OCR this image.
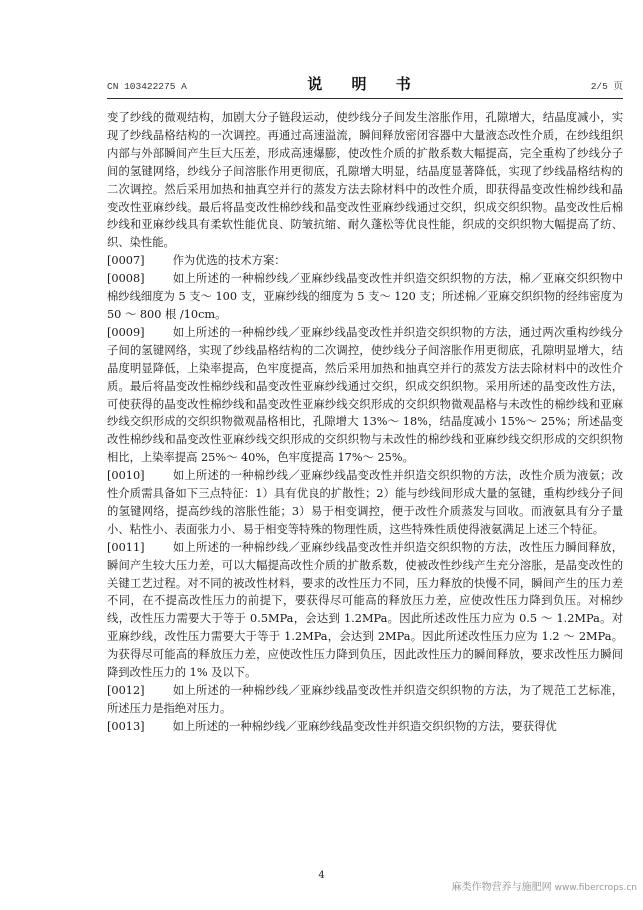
CN 103422275 A	说 明 书	2/5 页

变了纱线的微观结构，加剧大分子链段运动，使纱线分子间发生溶胀作用，孔隙增大，结晶度减小，实现了纱线晶格结构的一次调控。再通过高速溢流，瞬间释放密闭容器中大量液态改性介质，在纱线组织内部与外部瞬间产生巨大压差，形成高速爆膨，使改性介质的扩散系数大幅提高，完全重构了纱线分子间的氢键网络，纱线分子间溶胀作用更彻底，孔隙增大明显，结晶度显著降低，实现了纱线晶格结构的二次调控。然后采用加热和抽真空并行的蒸发方法去除材料中的改性介质，即获得晶变改性棉纱线和晶变改性亚麻纱线。最后将晶变改性棉纱线和晶变改性亚麻纱线通过交织，织成交织织物。晶变改性后棉纱线和亚麻纱线具有柔软性能优良、防皱抗缩、耐久蓬松等优良性能，织成的交织织物大幅提高了纺、织、染性能。

[0007] 作为优选的技术方案：

[0008] 如上所述的一种棉纱线／亚麻纱线晶变改性并织造交织织物的方法，棉／亚麻交织织物中棉纱线细度为 5 支～ 100 支，亚麻纱线的细度为 5 支～ 120 支；所述棉／亚麻交织织物的经纬密度为 50 ～ 800 根 /10cm。

[0009] 如上所述的一种棉纱线／亚麻纱线晶变改性并织造交织织物的方法，通过两次重构纱线分子间的氢键网络，实现了纱线晶格结构的二次调控，使纱线分子间溶胀作用更彻底，孔隙明显增大，结晶度明显降低，上染率提高，色牢度提高，然后采用加热和抽真空并行的蒸发方法去除材料中的改性介质。最后将晶变改性棉纱线和晶变改性亚麻纱线通过交织，织成交织织物。采用所述的晶变改性方法，可使获得的晶变改性棉纱线和晶变改性亚麻纱线交织形成的交织织物微观晶格与未改性的棉纱线和亚麻纱线交织形成的交织织物微观晶格相比，孔隙增大 13%～ 18%，结晶度减小 15%～ 25%；所述晶变改性棉纱线和晶变改性亚麻纱线交织形成的交织织物与未改性的棉纱线和亚麻纱线交织形成的交织织物相比，上染率提高 25%～ 40%，色牢度提高 17%～ 25%。

[0010] 如上所述的一种棉纱线／亚麻纱线晶变改性并织造交织织物的方法，改性介质为液氨；改性介质需具备如下三点特征：1）具有优良的扩散性；2）能与纱线间形成大量的氢键，重构纱线分子间的氢键网络，提高纱线的溶胀性能；3）易于相变调控，便于改性介质蒸发与回收。而液氨具有分子量小、粘性小、表面张力小、易于相变等特殊的物理性质，这些特殊性质使得液氨满足上述三个特征。

[0011] 如上所述的一种棉纱线／亚麻纱线晶变改性并织造交织织物的方法，改性压力瞬间释放，瞬间产生较大压力差，可以大幅提高改性介质的扩散系数，使被改性纱线产生充分溶胀，是晶变改性的关键工艺过程。对不同的被改性材料，要求的改性压力不同，压力释放的快慢不同，瞬间产生的压力差不同，在不提高改性压力的前提下，要获得尽可能高的释放压力差，应使改性压力降到负压。对棉纱线，改性压力需要大于等于 0.5MPa，会达到 1.2MPa。因此所述改性压力应为 0.5 ～ 1.2MPa。对亚麻纱线，改性压力需要大于等于 1.2MPa，会达到 2MPa。因此所述改性压力应为 1.2 ～ 2MPa。为获得尽可能高的释放压力差，应使改性压力降到负压，因此改性压力的瞬间释放，要求改性压力瞬间降到改性压力的 1% 及以下。

[0012] 如上所述的一种棉纱线／亚麻纱线晶变改性并织造交织织物的方法，为了规范工艺标准，所述压力是指绝对压力。

[0013] 如上所述的一种棉纱线／亚麻纱线晶变改性并织造交织织物的方法，要获得优

4
麻类作物营养与施肥网 www.fibercrops.cn
